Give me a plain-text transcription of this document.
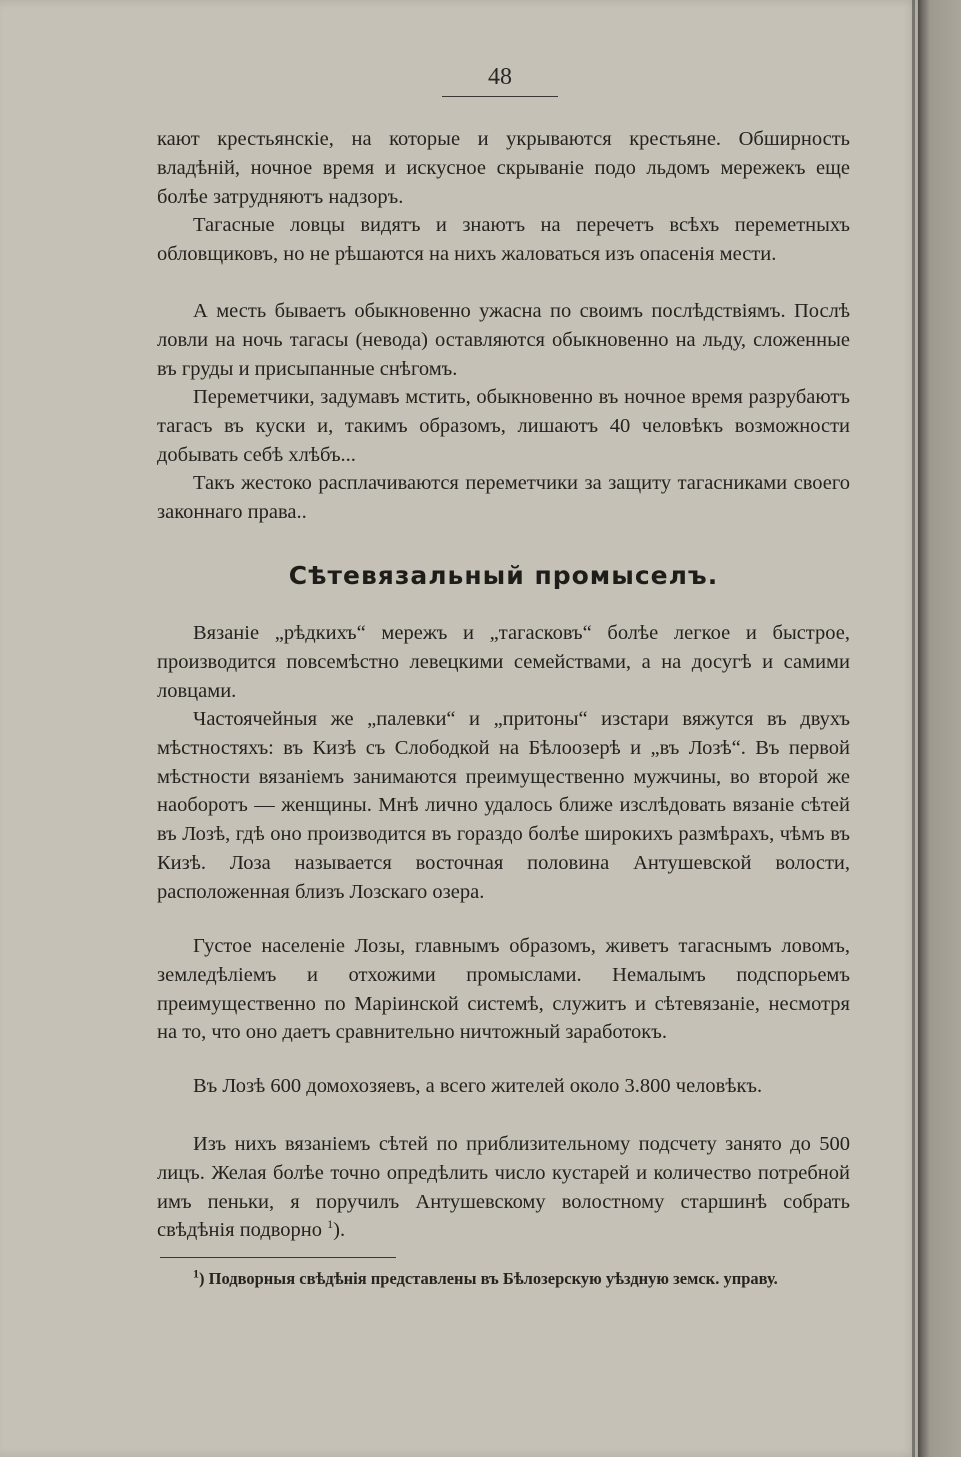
48

кают крестьянскіе, на которые и укрываются крестьяне. Обширность владѣній, ночное время и искусное скрываніе подо льдомъ мережекъ еще болѣе затрудняютъ надзоръ.

Тагасные ловцы видятъ и знаютъ на перечетъ всѣхъ переметныхъ обловщиковъ, но не рѣшаются на нихъ жаловаться изъ опасенія мести.

А месть бываетъ обыкновенно ужасна по своимъ послѣдствіямъ. Послѣ ловли на ночь тагасы (невода) оставляются обыкновенно на льду, сложенные въ груды и присыпанные снѣгомъ.

Переметчики, задумавъ мстить, обыкновенно въ ночное время разрубаютъ тагасъ въ куски и, такимъ образомъ, лишаютъ 40 человѣкъ возможности добывать себѣ хлѣбъ...

Такъ жестоко расплачиваются переметчики за защиту тагасниками своего законнаго права..

Сѣтевязальный промыселъ.

Вязаніе „рѣдкихъ“ мережъ и „тагасковъ“ болѣе легкое и быстрое, производится повсемѣстно левецкими семействами, а на досугѣ и самими ловцами.

Частоячейныя же „палевки“ и „притоны“ изстари вяжутся въ двухъ мѣстностяхъ: въ Кизѣ съ Слободкой на Бѣлоозерѣ и „въ Лозѣ“. Въ первой мѣстности вязаніемъ занимаются преимущественно мужчины, во второй же наоборотъ — женщины. Мнѣ лично удалось ближе изслѣдовать вязаніе сѣтей въ Лозѣ, гдѣ оно производится въ гораздо болѣе широкихъ размѣрахъ, чѣмъ въ Кизѣ. Лоза называется восточная половина Антушевской волости, расположенная близъ Лозскаго озера.

Густое населеніе Лозы, главнымъ образомъ, живетъ тагаснымъ ловомъ, земледѣліемъ и отхожими промыслами. Немалымъ подспорьемъ преимущественно по Маріинской системѣ, служитъ и сѣтевязаніе, несмотря на то, что оно даетъ сравнительно ничтожный заработокъ.

Въ Лозѣ 600 домохозяевъ, а всего жителей около 3.800 человѣкъ.

Изъ нихъ вязаніемъ сѣтей по приблизительному подсчету занято до 500 лицъ. Желая болѣе точно опредѣлить число кустарей и количество потребной имъ пеньки, я поручилъ Антушевскому волостному старшинѣ собрать свѣдѣнія подворно $^1$).

$^1$) Подворныя свѣдѣнія представлены въ Бѣлозерскую уѣздную земск. управу.
